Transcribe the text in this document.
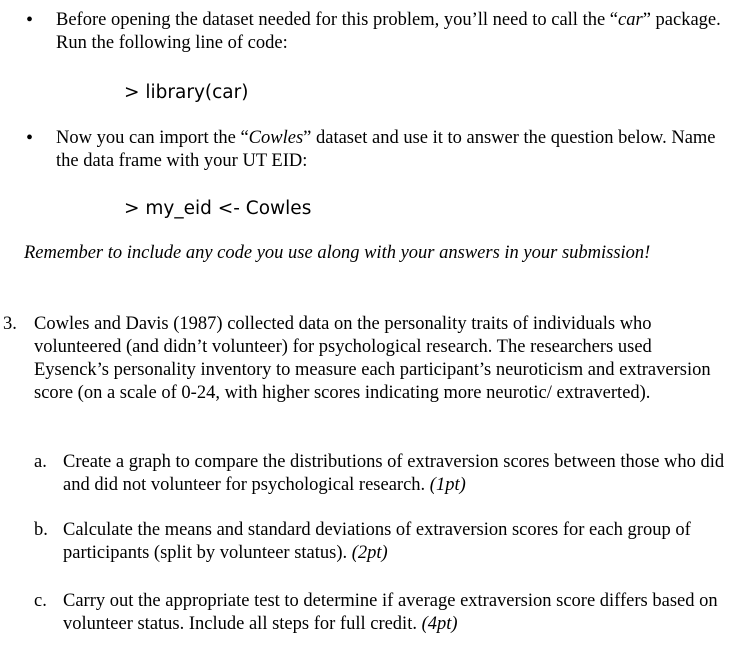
• Before opening the dataset needed for this problem, you’ll need to call the “car” package. Run the following line of code:
> library(car)
• Now you can import the “Cowles” dataset and use it to answer the question below. Name the data frame with your UT EID:
> my_eid <- Cowles
Remember to include any code you use along with your answers in your submission!
3. Cowles and Davis (1987) collected data on the personality traits of individuals who volunteered (and didn’t volunteer) for psychological research. The researchers used Eysenck’s personality inventory to measure each participant’s neuroticism and extraversion score (on a scale of 0-24, with higher scores indicating more neurotic/ extraverted).
a. Create a graph to compare the distributions of extraversion scores between those who did and did not volunteer for psychological research. (1pt)
b. Calculate the means and standard deviations of extraversion scores for each group of participants (split by volunteer status). (2pt)
c. Carry out the appropriate test to determine if average extraversion score differs based on volunteer status. Include all steps for full credit. (4pt)
